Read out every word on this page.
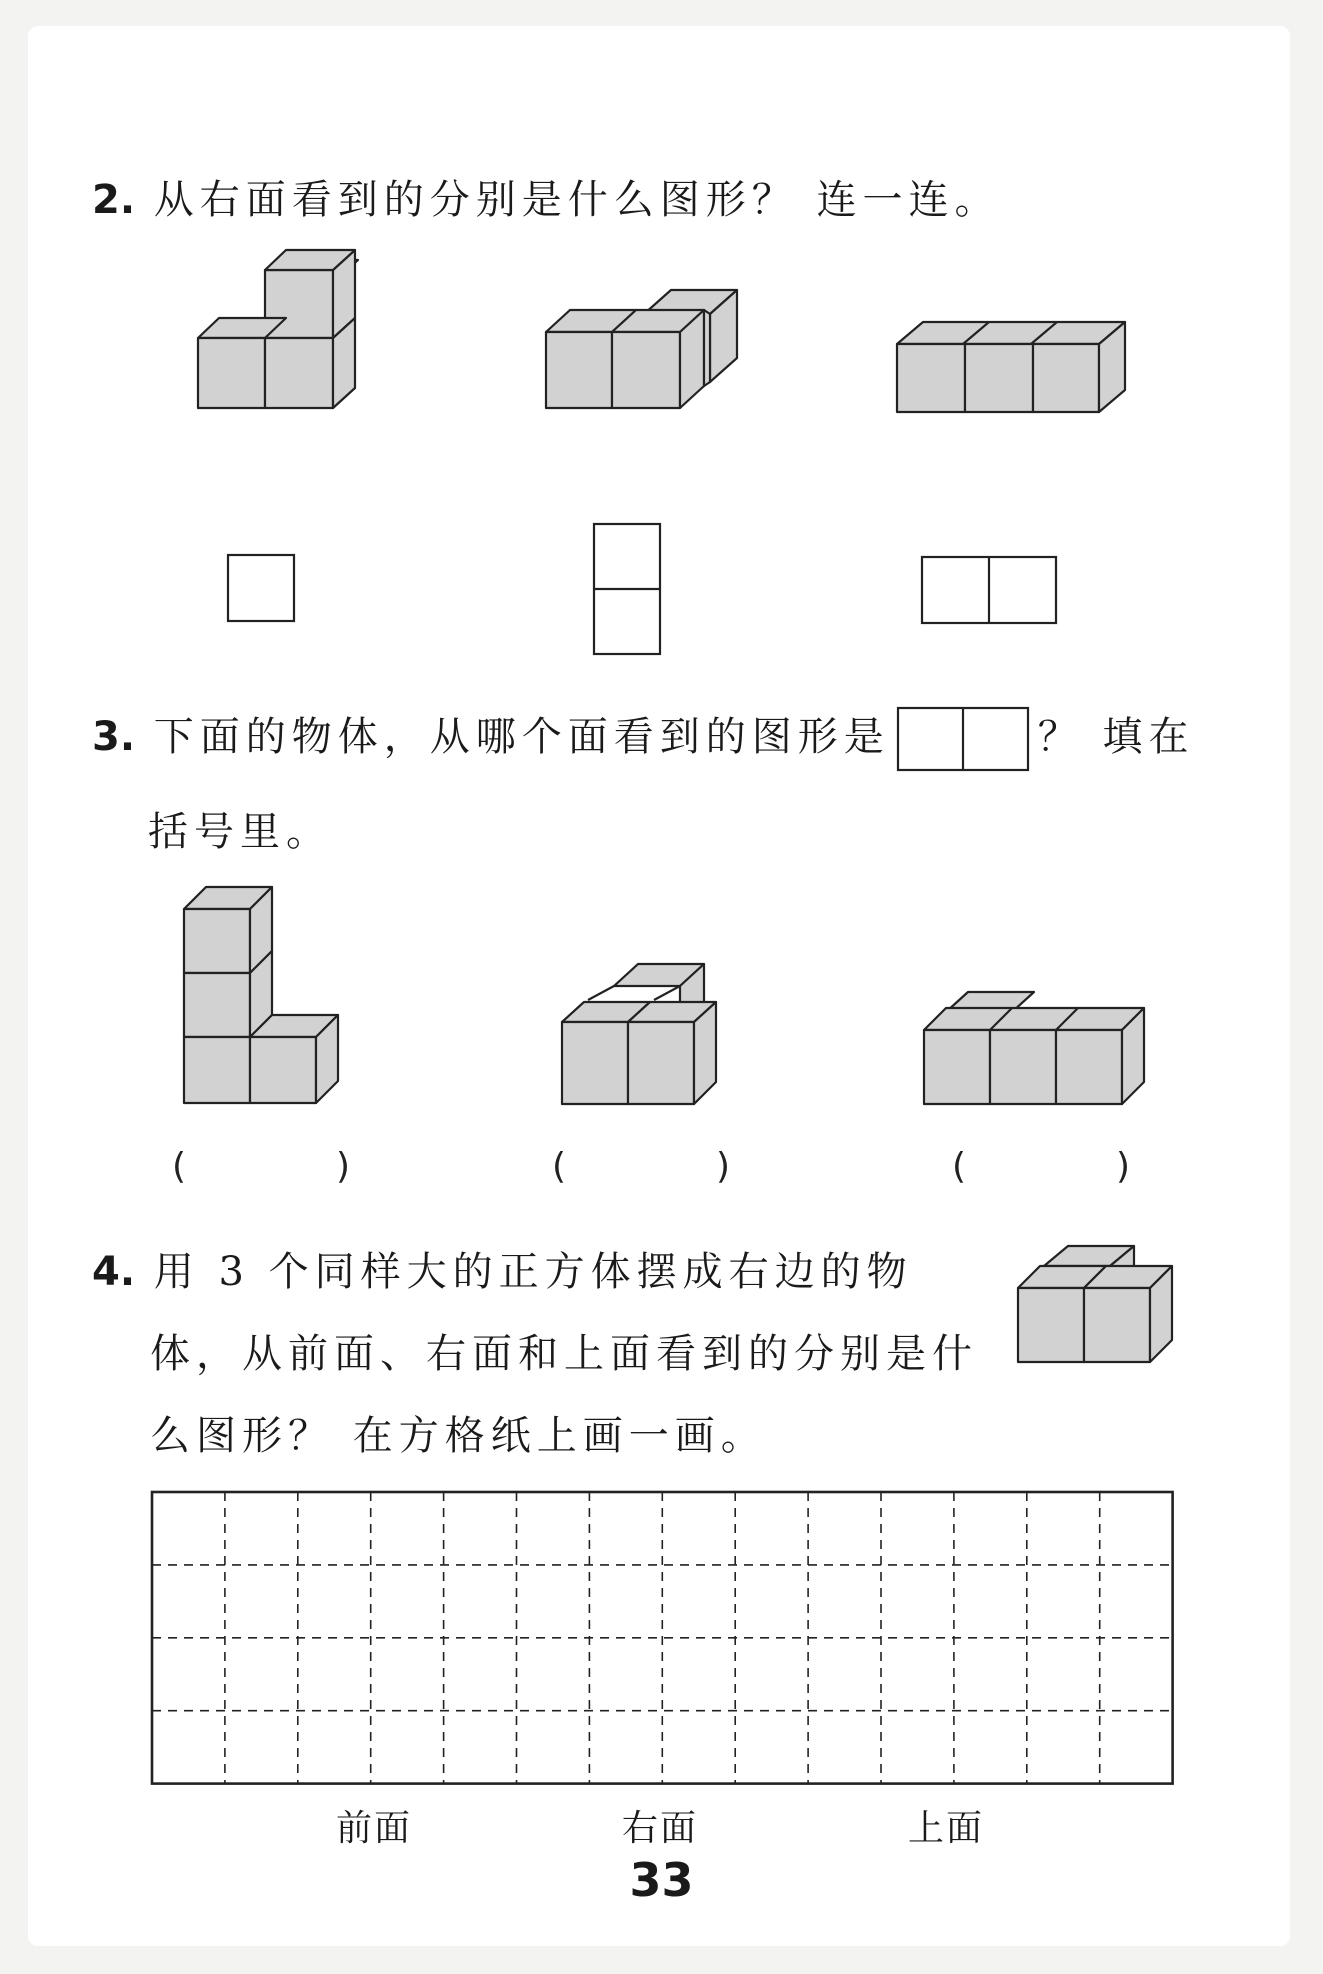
2. 从右面看到的分别是什么图形？ 连一连。
3. 下面的物体，从哪个面看到的图形是	？ 填在
括号里。
(	)	(	)	(	)
4. 用 3 个同样大的正方体摆成右边的物
体，从前面、右面和上面看到的分别是什
么图形？ 在方格纸上画一画。
前面	右面	上面
33
